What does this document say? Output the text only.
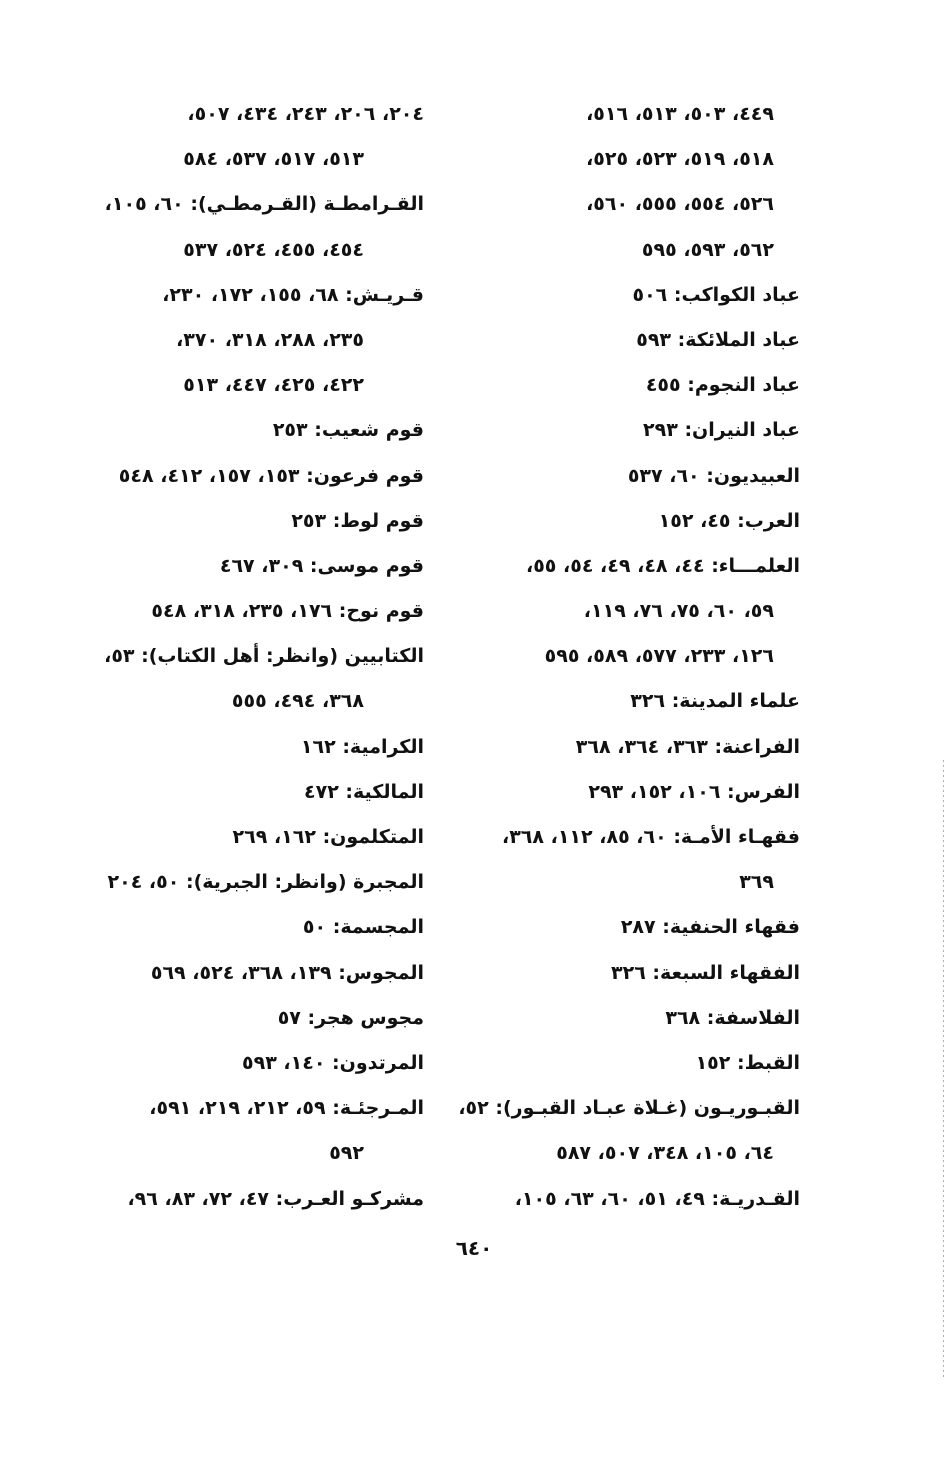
٤٤٩، ٥٠٣، ٥١٣، ٥١٦،
٥١٨، ٥١٩، ٥٢٣، ٥٢٥،
٥٢٦، ٥٥٤، ٥٥٥، ٥٦٠،
٥٦٢، ٥٩٣، ٥٩٥
عباد الكواكب: ٥٠٦
عباد الملائكة: ٥٩٣
عباد النجوم: ٤٥٥
عباد النيران: ٢٩٣
العبيديون: ٦٠، ٥٣٧
العرب: ٤٥، ١٥٢
العلمـــاء: ٤٤، ٤٨، ٤٩، ٥٤، ٥٥،
٥٩، ٦٠، ٧٥، ٧٦، ١١٩،
١٢٦، ٢٣٣، ٥٧٧، ٥٨٩، ٥٩٥
علماء المدينة: ٣٢٦
الفراعنة: ٣٦٣، ٣٦٤، ٣٦٨
الفرس: ١٠٦، ١٥٢، ٢٩٣
فقهـاء الأمـة: ٦٠، ٨٥، ١١٢، ٣٦٨،
٣٦٩
فقهاء الحنفية: ٢٨٧
الفقهاء السبعة: ٣٢٦
الفلاسفة: ٣٦٨
القبط: ١٥٢
القبـوريـون (غـلاة عبـاد القبـور): ٥٢،
٦٤، ١٠٥، ٣٤٨، ٥٠٧، ٥٨٧
القـدريـة: ٤٩، ٥١، ٦٠، ٦٣، ١٠٥،
٢٠٤، ٢٠٦، ٢٤٣، ٤٣٤، ٥٠٧،
٥١٣، ٥١٧، ٥٣٧، ٥٨٤
القـرامطـة (القـرمطـي): ٦٠، ١٠٥،
٤٥٤، ٤٥٥، ٥٢٤، ٥٣٧
قـريـش: ٦٨، ١٥٥، ١٧٢، ٢٣٠،
٢٣٥، ٢٨٨، ٣١٨، ٣٧٠،
٤٢٢، ٤٢٥، ٤٤٧، ٥١٣
قوم شعيب: ٢٥٣
قوم فرعون: ١٥٣، ١٥٧، ٤١٢، ٥٤٨
قوم لوط: ٢٥٣
قوم موسى: ٣٠٩، ٤٦٧
قوم نوح: ١٧٦، ٢٣٥، ٣١٨، ٥٤٨
الكتابيين (وانظر: أهل الكتاب): ٥٣،
٣٦٨، ٤٩٤، ٥٥٥
الكرامية: ١٦٢
المالكية: ٤٧٢
المتكلمون: ١٦٢، ٢٦٩
المجبرة (وانظر: الجبرية): ٥٠، ٢٠٤
المجسمة: ٥٠
المجوس: ١٣٩، ٣٦٨، ٥٢٤، ٥٦٩
مجوس هجر: ٥٧
المرتدون: ١٤٠، ٥٩٣
المـرجئـة: ٥٩، ٢١٢، ٢١٩، ٥٩١،
٥٩٢
مشركـو العـرب: ٤٧، ٧٢، ٨٣، ٩٦،
٦٤٠
